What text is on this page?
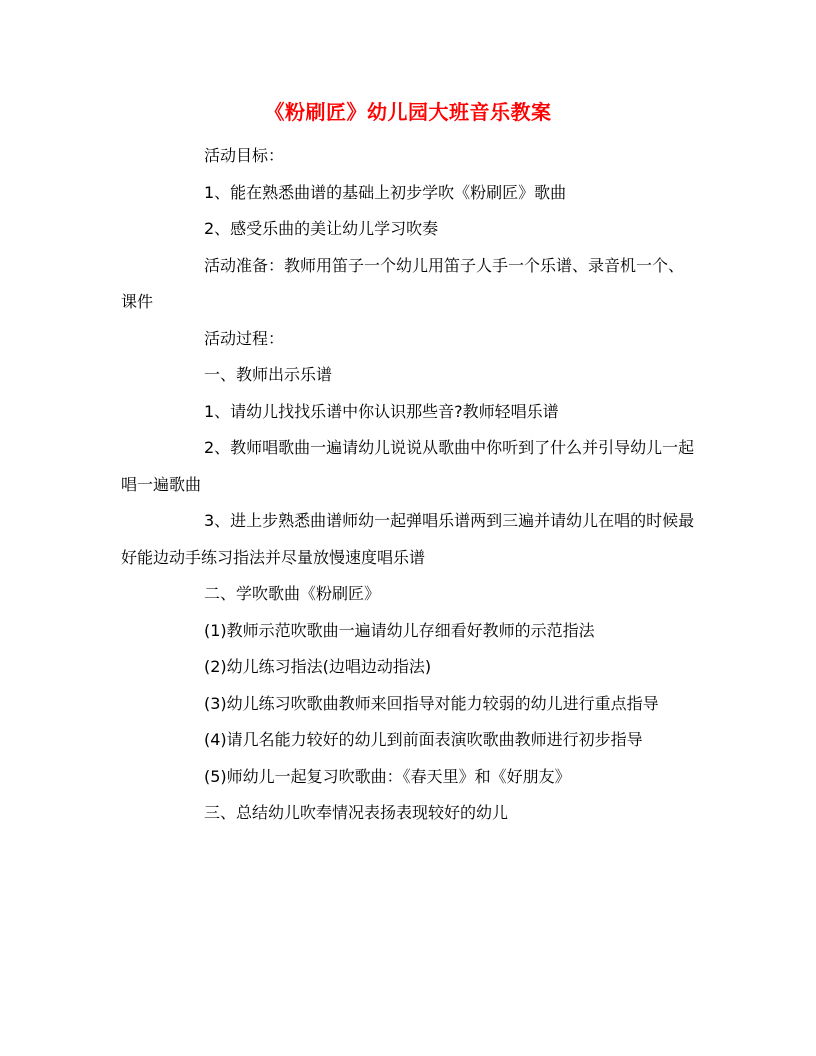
《粉刷匠》幼儿园大班音乐教案

活动目标：

1、能在熟悉曲谱的基础上初步学吹《粉刷匠》歌曲

2、感受乐曲的美让幼儿学习吹奏

活动准备：教师用笛子一个幼儿用笛子人手一个乐谱、录音机一个、课件

活动过程：

一、教师出示乐谱

1、请幼儿找找乐谱中你认识那些音?教师轻唱乐谱

2、教师唱歌曲一遍请幼儿说说从歌曲中你听到了什么并引导幼儿一起唱一遍歌曲

3、进上步熟悉曲谱师幼一起弹唱乐谱两到三遍并请幼儿在唱的时候最好能边动手练习指法并尽量放慢速度唱乐谱

二、学吹歌曲《粉刷匠》

(1)教师示范吹歌曲一遍请幼儿存细看好教师的示范指法

(2)幼儿练习指法(边唱边动指法)

(3)幼儿练习吹歌曲教师来回指导对能力较弱的幼儿进行重点指导

(4)请几名能力较好的幼儿到前面表演吹歌曲教师进行初步指导

(5)师幼儿一起复习吹歌曲：《春天里》和《好朋友》

三、总结幼儿吹奉情况表扬表现较好的幼儿
